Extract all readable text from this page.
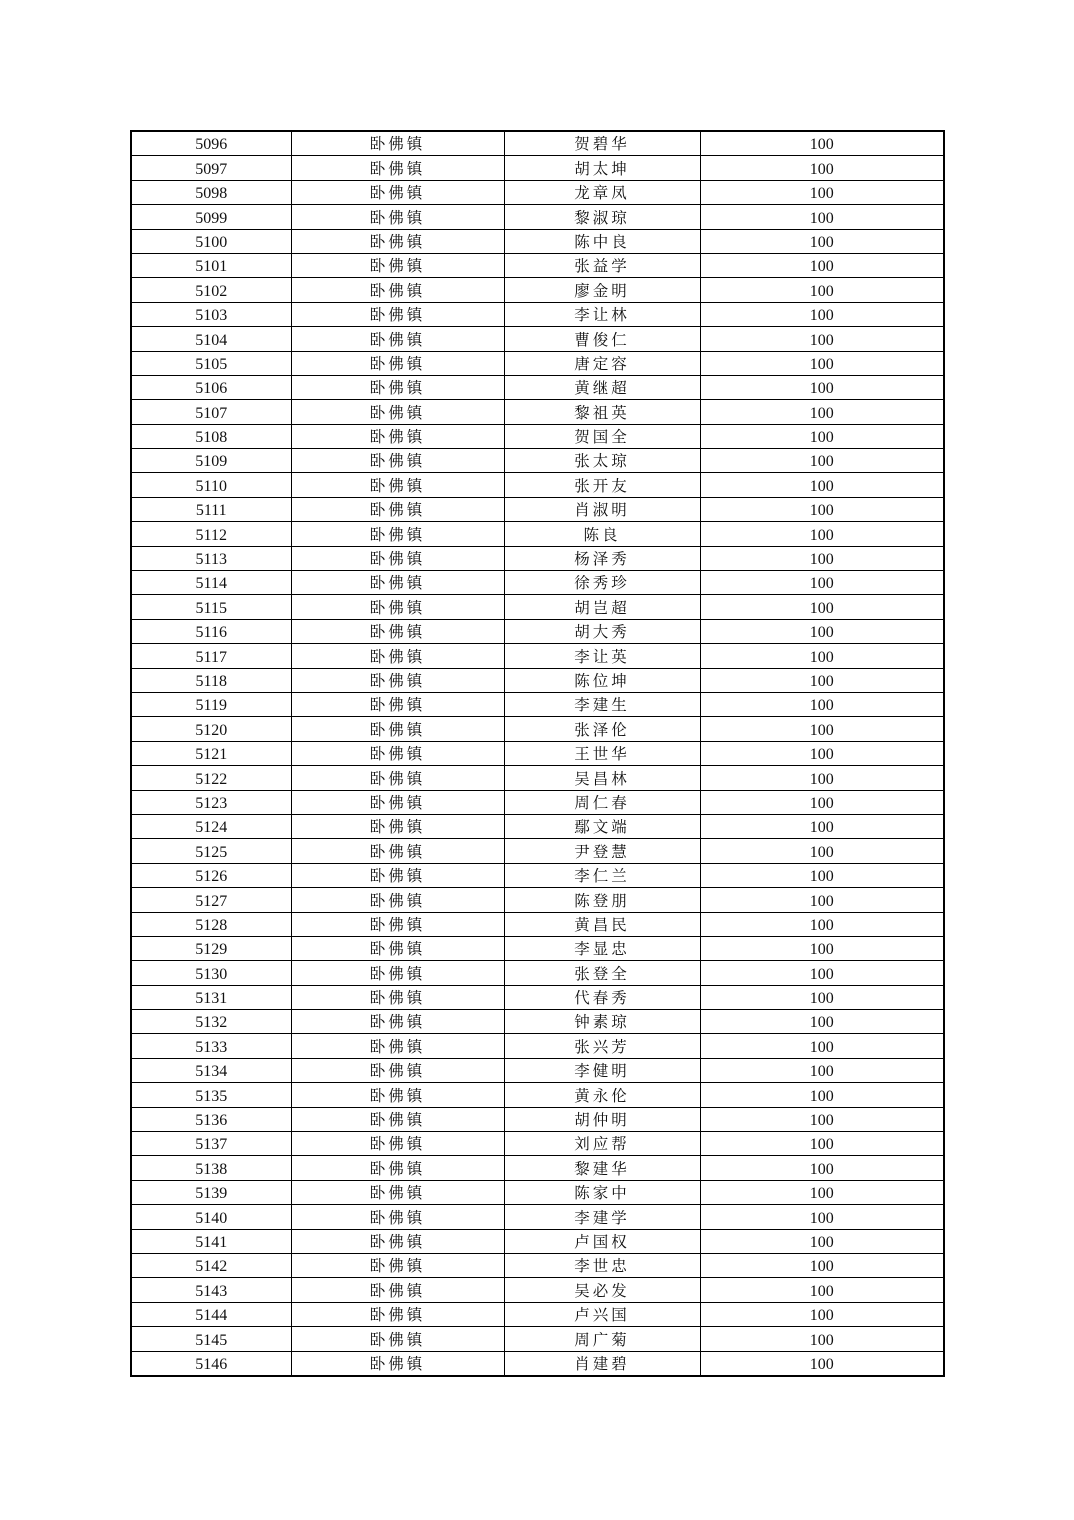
5096	卧佛镇	贺碧华	100
5097	卧佛镇	胡太坤	100
5098	卧佛镇	龙章凤	100
5099	卧佛镇	黎淑琼	100
5100	卧佛镇	陈中良	100
5101	卧佛镇	张益学	100
5102	卧佛镇	廖金明	100
5103	卧佛镇	李让林	100
5104	卧佛镇	曹俊仁	100
5105	卧佛镇	唐定容	100
5106	卧佛镇	黄继超	100
5107	卧佛镇	黎祖英	100
5108	卧佛镇	贺国全	100
5109	卧佛镇	张太琼	100
5110	卧佛镇	张开友	100
5111	卧佛镇	肖淑明	100
5112	卧佛镇	陈良	100
5113	卧佛镇	杨泽秀	100
5114	卧佛镇	徐秀珍	100
5115	卧佛镇	胡岂超	100
5116	卧佛镇	胡大秀	100
5117	卧佛镇	李让英	100
5118	卧佛镇	陈位坤	100
5119	卧佛镇	李建生	100
5120	卧佛镇	张泽伦	100
5121	卧佛镇	王世华	100
5122	卧佛镇	吴昌林	100
5123	卧佛镇	周仁春	100
5124	卧佛镇	鄢文端	100
5125	卧佛镇	尹登慧	100
5126	卧佛镇	李仁兰	100
5127	卧佛镇	陈登朋	100
5128	卧佛镇	黄昌民	100
5129	卧佛镇	李显忠	100
5130	卧佛镇	张登全	100
5131	卧佛镇	代春秀	100
5132	卧佛镇	钟素琼	100
5133	卧佛镇	张兴芳	100
5134	卧佛镇	李健明	100
5135	卧佛镇	黄永伦	100
5136	卧佛镇	胡仲明	100
5137	卧佛镇	刘应帮	100
5138	卧佛镇	黎建华	100
5139	卧佛镇	陈家中	100
5140	卧佛镇	李建学	100
5141	卧佛镇	卢国权	100
5142	卧佛镇	李世忠	100
5143	卧佛镇	吴必发	100
5144	卧佛镇	卢兴国	100
5145	卧佛镇	周广菊	100
5146	卧佛镇	肖建碧	100
